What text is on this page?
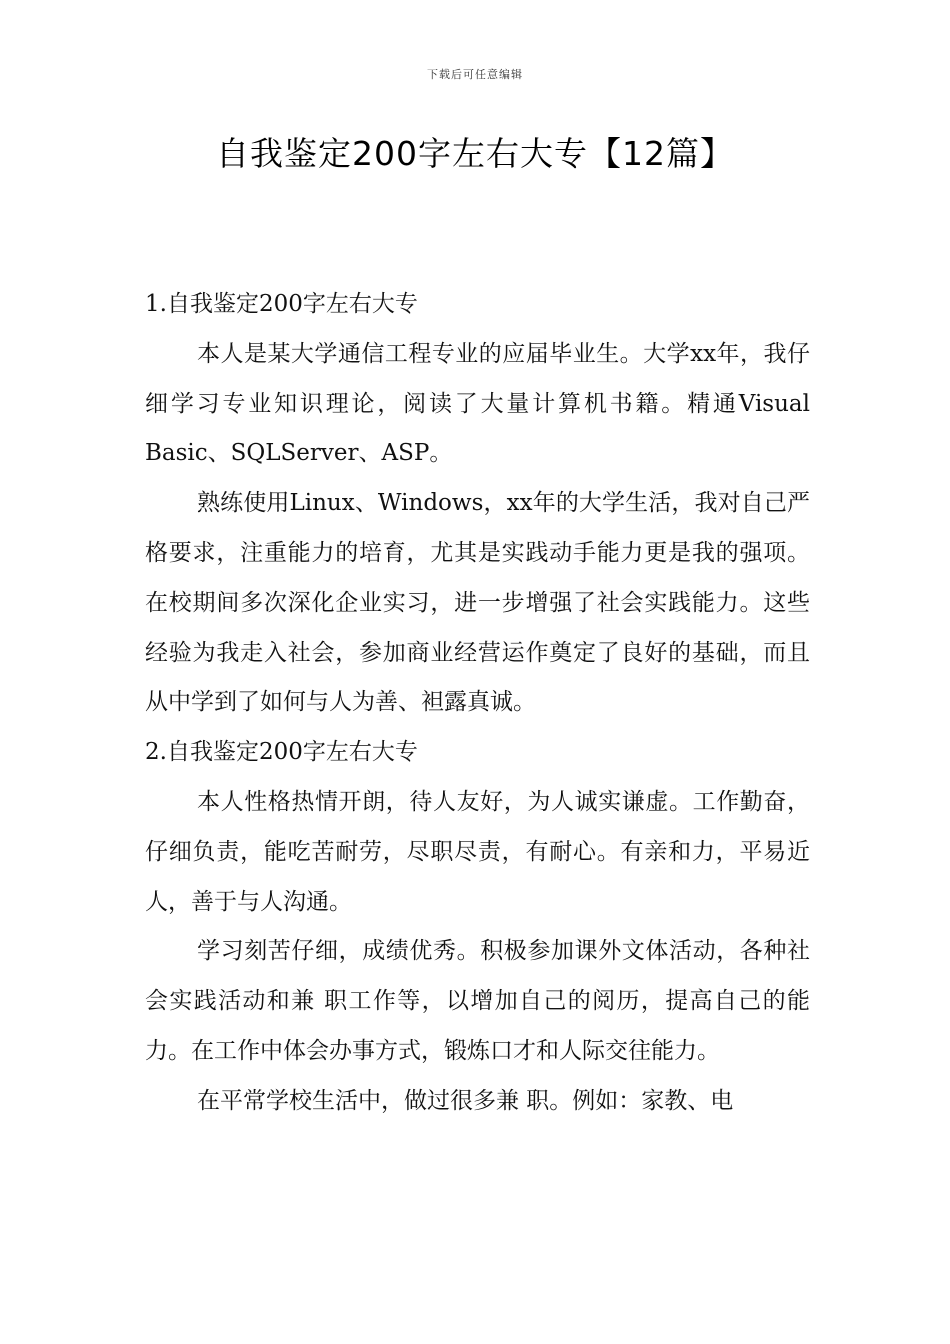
下载后可任意编辑
自我鉴定200字左右大专【12篇】

1.自我鉴定200字左右大专

本人是某大学通信工程专业的应届毕业生。大学xx年，我仔细学习专业知识理论，阅读了大量计算机书籍。精通Visual Basic、SQLServer、ASP。

熟练使用Linux、Windows，xx年的大学生活，我对自己严格要求，注重能力的培育，尤其是实践动手能力更是我的强项。在校期间多次深化企业实习，进一步增强了社会实践能力。这些经验为我走入社会，参加商业经营运作奠定了良好的基础，而且从中学到了如何与人为善、袒露真诚。

2.自我鉴定200字左右大专

本人性格热情开朗，待人友好，为人诚实谦虚。工作勤奋，仔细负责，能吃苦耐劳，尽职尽责，有耐心。有亲和力，平易近人，善于与人沟通。

学习刻苦仔细，成绩优秀。积极参加课外文体活动，各种社会实践活动和兼 职工作等，以增加自己的阅历，提高自己的能力。在工作中体会办事方式，锻炼口才和人际交往能力。

在平常学校生活中，做过很多兼 职。例如：家教、电
